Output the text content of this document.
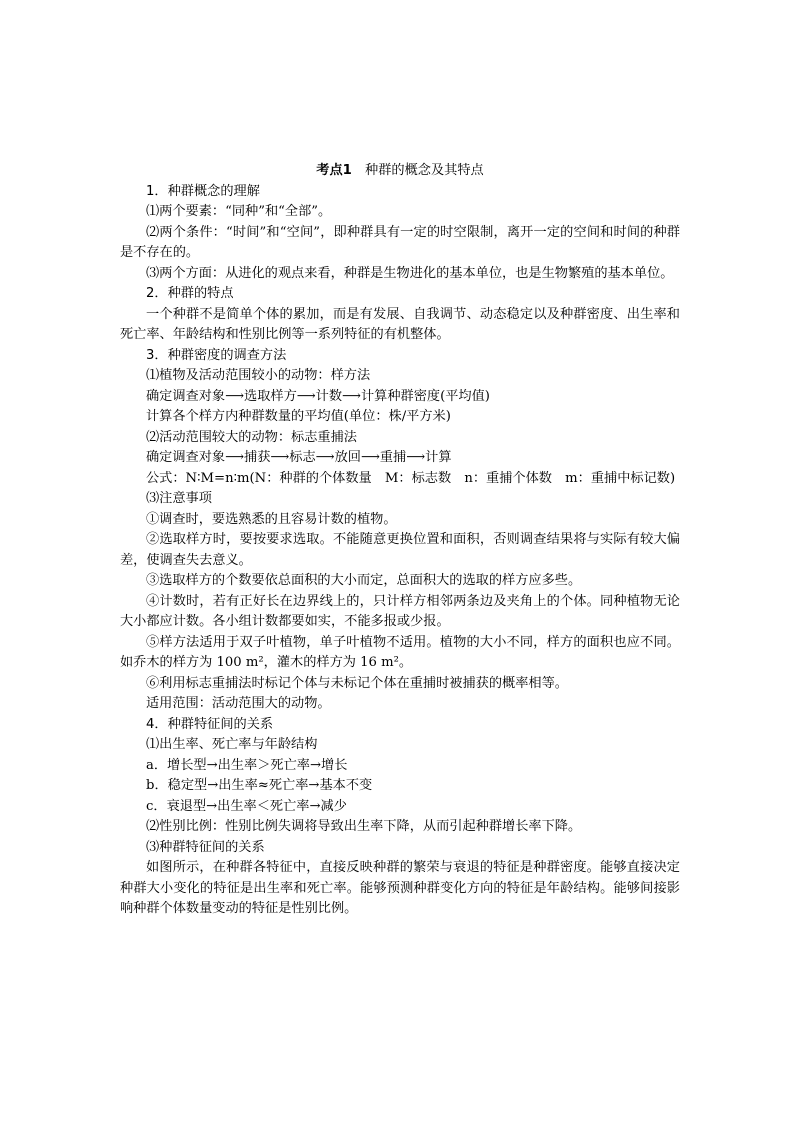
考点1　 种群的概念及其特点

1．种群概念的理解

⑴两个要素：“同种”和“全部”。

⑵两个条件：“时间”和“空间”，即种群具有一定的时空限制，离开一定的空间和时间的种群是不存在的。

⑶两个方面：从进化的观点来看，种群是生物进化的基本单位，也是生物繁殖的基本单位。

2．种群的特点

一个种群不是简单个体的累加，而是有发展、自我调节、动态稳定以及种群密度、出生率和死亡率、年龄结构和性别比例等一系列特征的有机整体。

3．种群密度的调查方法

⑴植物及活动范围较小的动物：样方法

确定调查对象⟶选取样方⟶计数⟶计算种群密度(平均值)

计算各个样方内种群数量的平均值(单位：株/平方米)

⑵活动范围较大的动物：标志重捕法

确定调查对象⟶捕获⟶标志⟶放回⟶重捕⟶计算

公式：N∶M=n∶m(N：种群的个体数量　M：标志数　n：重捕个体数　m：重捕中标记数)

⑶注意事项

①调查时，要选熟悉的且容易计数的植物。

②选取样方时，要按要求选取。不能随意更换位置和面积，否则调查结果将与实际有较大偏差，使调查失去意义。

③选取样方的个数要依总面积的大小而定，总面积大的选取的样方应多些。

④计数时，若有正好长在边界线上的，只计样方相邻两条边及夹角上的个体。同种植物无论大小都应计数。各小组计数都要如实，不能多报或少报。

⑤样方法适用于双子叶植物，单子叶植物不适用。植物的大小不同，样方的面积也应不同。如乔木的样方为 100 m²，灌木的样方为 16 m²。

⑥利用标志重捕法时标记个体与未标记个体在重捕时被捕获的概率相等。

适用范围：活动范围大的动物。

4．种群特征间的关系

⑴出生率、死亡率与年龄结构

a．增长型→出生率＞死亡率→增长

b．稳定型→出生率≈死亡率→基本不变

c．衰退型→出生率＜死亡率→减少

⑵性别比例：性别比例失调将导致出生率下降，从而引起种群增长率下降。

⑶种群特征间的关系

如图所示，在种群各特征中，直接反映种群的繁荣与衰退的特征是种群密度。能够直接决定种群大小变化的特征是出生率和死亡率。能够预测种群变化方向的特征是年龄结构。能够间接影响种群个体数量变动的特征是性别比例。
